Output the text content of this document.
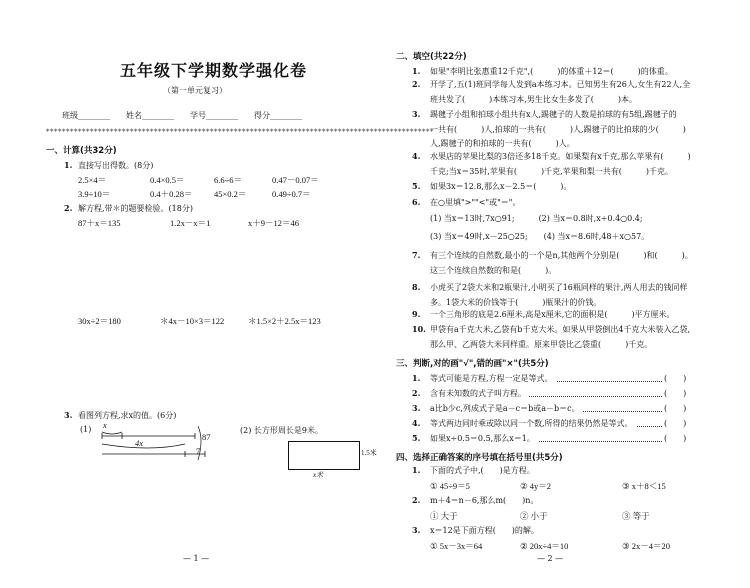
五年级下学期数学强化卷
（第一单元复习）
班级________　　姓名________　　学号________　　得分________
*************************************************************************************************
一、计算(共32分)
1. 直接写出得数。(8分)
2.5×4＝	0.4×0.5＝	6.6÷6＝	0.47－0.07＝
3.9÷10＝	0.4＋0.28＝	45×0.2＝	0.49÷0.7＝
2. 解方程,带＊的题要检验。(18分)
87＋x＝135	1.2x－x＝1	x＋9－12＝46
30x÷2＝180	＊4x－10×3＝122	＊1.5×2＋2.5x＝123
3. 看图列方程,求x的值。(6分)
(1)	(2) 长方形周长是9米。
x
4x
7
87
1.5米
x米
— 1 —
二、填空(共22分)
1. 如果"李明比张惠重12千克",(　　　)的体重＋12＝(　　　)的体重。
2. 开学了,五(1)班同学每人发到a本练习本。已知男生有26人,女生有22人,全
班共发了(　　　)本练习本,男生比女生多发了(　　　)本。
3. 踢毽子小组和拍球小组共有x人,踢毽子的人数是拍球的有5组,踢毽子的
一共有(　　　)人,拍球的一共有(　　　)人,踢毽子的比拍球的少(　　　)
人,踢毽子的和拍球的一共有(　　　)人。
4. 水果店的苹果比梨的3倍还多18千克。如果梨有x千克,那么苹果有(　　　)
千克;当x＝35时,苹果有(　　　)千克,苹果和梨一共有(　　　)千克。
5. 如果3x＝12.8,那么x－2.5＝(　　　)。
6. 在○里填">""<"或"＝"。
(1) 当x＝13时,7x○91;　　　(2) 当x＝0.8时,x÷0.4○0.4;
(3) 当x＝49时,x－25○25;　　(4) 当x＝8.6时,48＋x○57。
7. 有三个连续的自然数,最小的一个是n,其他两个分别是(　　　)和(　　　)。
这三个连续自然数的和是(　　　)。
8. 小虎买了2袋大米和2瓶果汁,小明买了16瓶同样的果汁,两人用去的钱同样
多。1袋大米的价钱等于(　　　)瓶果汁的价钱。
9. 一个三角形的底是2.6厘米,高是x厘米,它的面积是(　　　)平方厘米。
10. 甲袋有a千克大米,乙袋有b千克大米。如果从甲袋倒出4千克大米装入乙袋,
那么甲、乙两袋大米同样重。原来甲袋比乙袋重(　　　)千克。
三、判断,对的画"√",错的画"×"(共5分)
1. 等式可能是方程,方程一定是等式。	(　　)
2. 含有未知数的式子叫方程。	(　　)
3. a比b少c,列成式子是a－c＝b或a－b＝c。	(　　)
4. 等式两边同时乘或除以同一个数,所得的结果仍然是等式。	(　　)
5. 如果x÷0.5＝0.5,那么x＝1。	(　　)
四、选择正确答案的序号填在括号里(共5分)
1. 下面的式子中,(　　)是方程。
① 45÷9＝5	② 4y＝2	③ x＋8＜15
2. m＋4＝n－6,那么m(　　)n。
① 大于	② 小于	③ 等于
3. x＝12是下面方程(　　)的解。
① 5x－3x＝64	② 20x÷4＝10	③ 2x－4＝20
— 2 —
